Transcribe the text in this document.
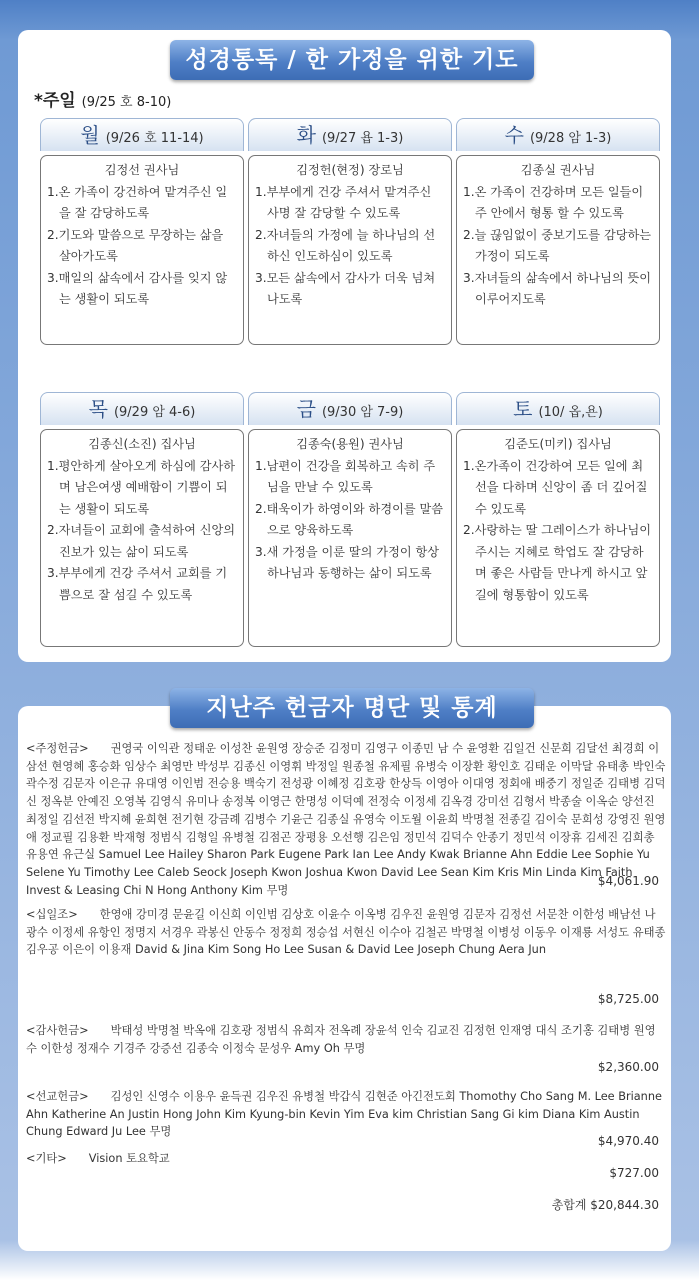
성경통독 / 한 가정을 위한 기도
*주일 (9/25 호 8-10)
월 (9/26 호 11-14)
김정선 권사님
1.온 가족이 강건하여 맡겨주신 일을 잘 감당하도록
2.기도와 말씀으로 무장하는 삶을 살아가도록
3.매일의 삶속에서 감사를 잊지 않는 생활이 되도록
화 (9/27 욥 1-3)
김정헌(현정) 장로님
1.부부에게 건강 주셔서 맡겨주신 사명 잘 감당할 수 있도록
2.자녀들의 가정에 늘 하나님의 선하신 인도하심이 있도록
3.모든 삶속에서 감사가 더욱 넘쳐 나도록
수 (9/28 암 1-3)
김종실 권사님
1.온 가족이 건강하며 모든 일들이 주 안에서 형통 할 수 있도록
2.늘 끊임없이 중보기도를 감당하는 가정이 되도록
3.자녀들의 삶속에서 하나님의 뜻이 이루어지도록
목 (9/29 암 4-6)
김종신(소진) 집사님
1.평안하게 살아오게 하심에 감사하며 남은여생 예배함이 기쁨이 되는 생활이 되도록
2.자녀들이 교회에 출석하여 신앙의 진보가 있는 삶이 되도록
3.부부에게 건강 주셔서 교회를 기쁨으로 잘 섬길 수 있도록
금 (9/30 암 7-9)
김종숙(용원) 권사님
1.남편이 건강을 회복하고 속히 주님을 만날 수 있도록
2.태욱이가 하영이와 하경이를 말씀으로 양육하도록
3.새 가정을 이룬 딸의 가정이 항상 하나님과 동행하는 삶이 되도록
토 (10/ 옵,욘)
김준도(미키) 집사님
1.온가족이 건강하여 모든 일에 최선을 다하며 신앙이 좀 더 깊어질 수 있도록
2.사랑하는 딸 그레이스가 하나님이 주시는 지혜로 학업도 잘 감당하며 좋은 사람들 만나게 하시고 앞길에 형통함이 있도록
지난주 헌금자 명단 및 통계
<주정헌금> 권영국 이익관 정태운 이성찬 윤원영 장승준 김정미 김영구 이종민 남 수 윤영환 김일건 신문희 김달선 최경희 이삼선 현영혜 홍승화 임상수 최영만 박성부 김종신 이영휘 박정일 원종철 유제필 유병숙 이장환 황인호 김태운 이막달 유태총 박인숙 곽수정 김문자 이은규 유대영 이인범 전승용 백숙기 전성광 이혜정 김호광 한상득 이영아 이대영 정회애 배중기 정일준 김태병 김덕신 정옥분 안예진 오영복 김영식 유미나 송정복 이영근 한명성 이덕예 전정숙 이정세 김옥경 강미선 김형서 박종술 이옥순 양선진 최정일 김선전 박지혜 윤희현 전기현 강금례 김병수 기윤근 김종실 유영숙 이도월 이윤희 박명철 전종길 김이숙 문희성 강영진 원영애 정교필 김용환 박재형 정범식 김형일 유병철 김점곤 장평용 오선행 김은임 정민석 김덕수 안종기 정민석 이장휴 김세진 김희총 유용연 유근실 Samuel Lee Hailey Sharon Park Eugene Park Ian Lee Andy Kwak Brianne Ahn Eddie Lee Sophie Yu Selene Yu Timothy Lee Caleb Seock Joseph Kwon Joshua Kwon David Lee Sean Kim Kris Min Linda Kim Faith Invest & Leasing Chi N Hong Anthony Kim 무명
$4,061.90
<십일조> 한영애 강미경 문윤길 이신희 이인범 김상호 이윤수 이옥병 김우진 윤원영 김문자 김정선 서문찬 이한성 배남선 나광수 이정세 유항인 정명지 서경우 곽봉신 안동수 정정희 정승섭 서현신 이수아 김철곤 박명철 이병성 이동우 이재룡 서성도 유태종 김우공 이은이 이용재 David & Jina Kim Song Ho Lee Susan & David Lee Joseph Chung Aera Jun
$8,725.00
<감사헌금> 박태성 박명철 박옥애 김호광 정범식 유희자 전옥례 장윤석 인숙 김교진 김정헌 인재영 대식 조기홍 김태병 원영수 이한성 정재수 기경주 강증선 김종숙 이정숙 문성우 Amy Oh 무명
$2,360.00
<선교헌금> 김성인 신영수 이용우 윤득권 김우진 유병철 박갑식 김현준 아긴전도회 Thomothy Cho Sang M. Lee Brianne Ahn Katherine An Justin Hong John Kim Kyung-bin Kevin Yim Eva kim Christian Sang Gi kim Diana Kim Austin Chung Edward Ju Lee 무명
$4,970.40
<기타> Vision 토요학교
$727.00
총합계 $20,844.30
